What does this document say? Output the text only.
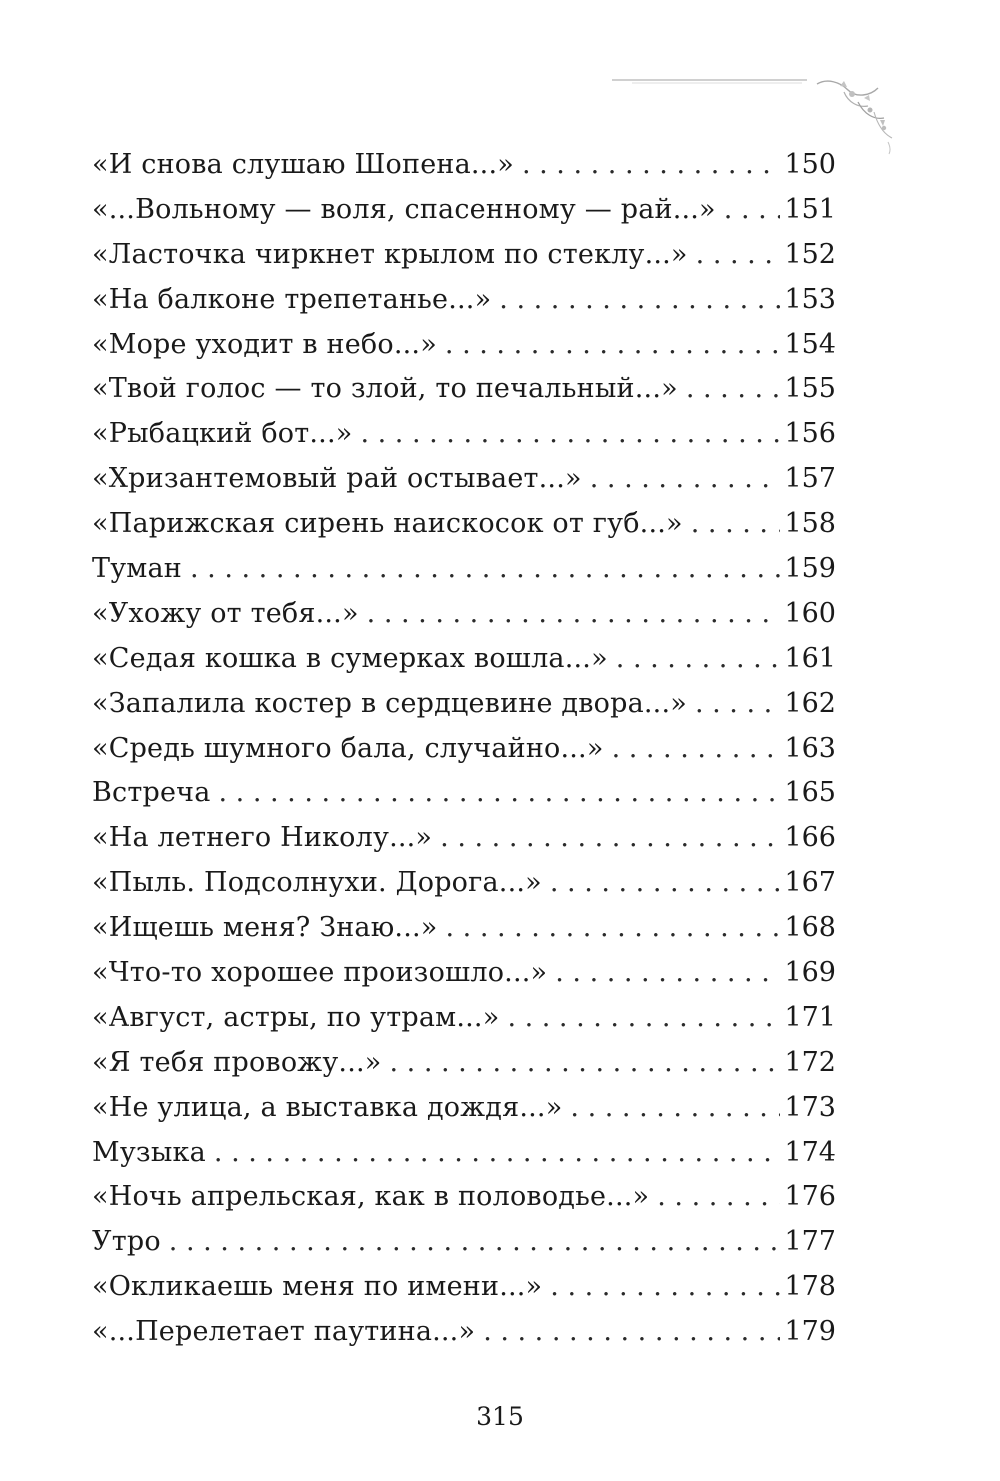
«И снова слушаю Шопена...» . . .	150
«...Вольному — воля, спасенному — рай...» . . .	151
«Ласточка чиркнет крылом по стеклу...» . . .	152
«На балконе трепетанье...» . . .	153
«Море уходит в небо...» . . .	154
«Твой голос — то злой, то печальный...» . . .	155
«Рыбацкий бот...» . . .	156
«Хризантемовый рай остывает...» . . .	157
«Парижская сирень наискосок от губ...» . . .	158
Туман . . .	159
«Ухожу от тебя...» . . .	160
«Седая кошка в сумерках вошла...» . . .	161
«Запалила костер в сердцевине двора...» . . .	162
«Средь шумного бала, случайно...» . . .	163
Встреча . . .	165
«На летнего Николу...» . . .	166
«Пыль. Подсолнухи. Дорога...» . . .	167
«Ищешь меня? Знаю...» . . .	168
«Что-то хорошее произошло...» . . .	169
«Август, астры, по утрам...» . . .	171
«Я тебя провожу...» . . .	172
«Не улица, а выставка дождя...» . . .	173
Музыка . . .	174
«Ночь апрельская, как в половодье...» . . .	176
Утро . . .	177
«Окликаешь меня по имени...» . . .	178
«...Перелетает паутина...» . . .	179
315
